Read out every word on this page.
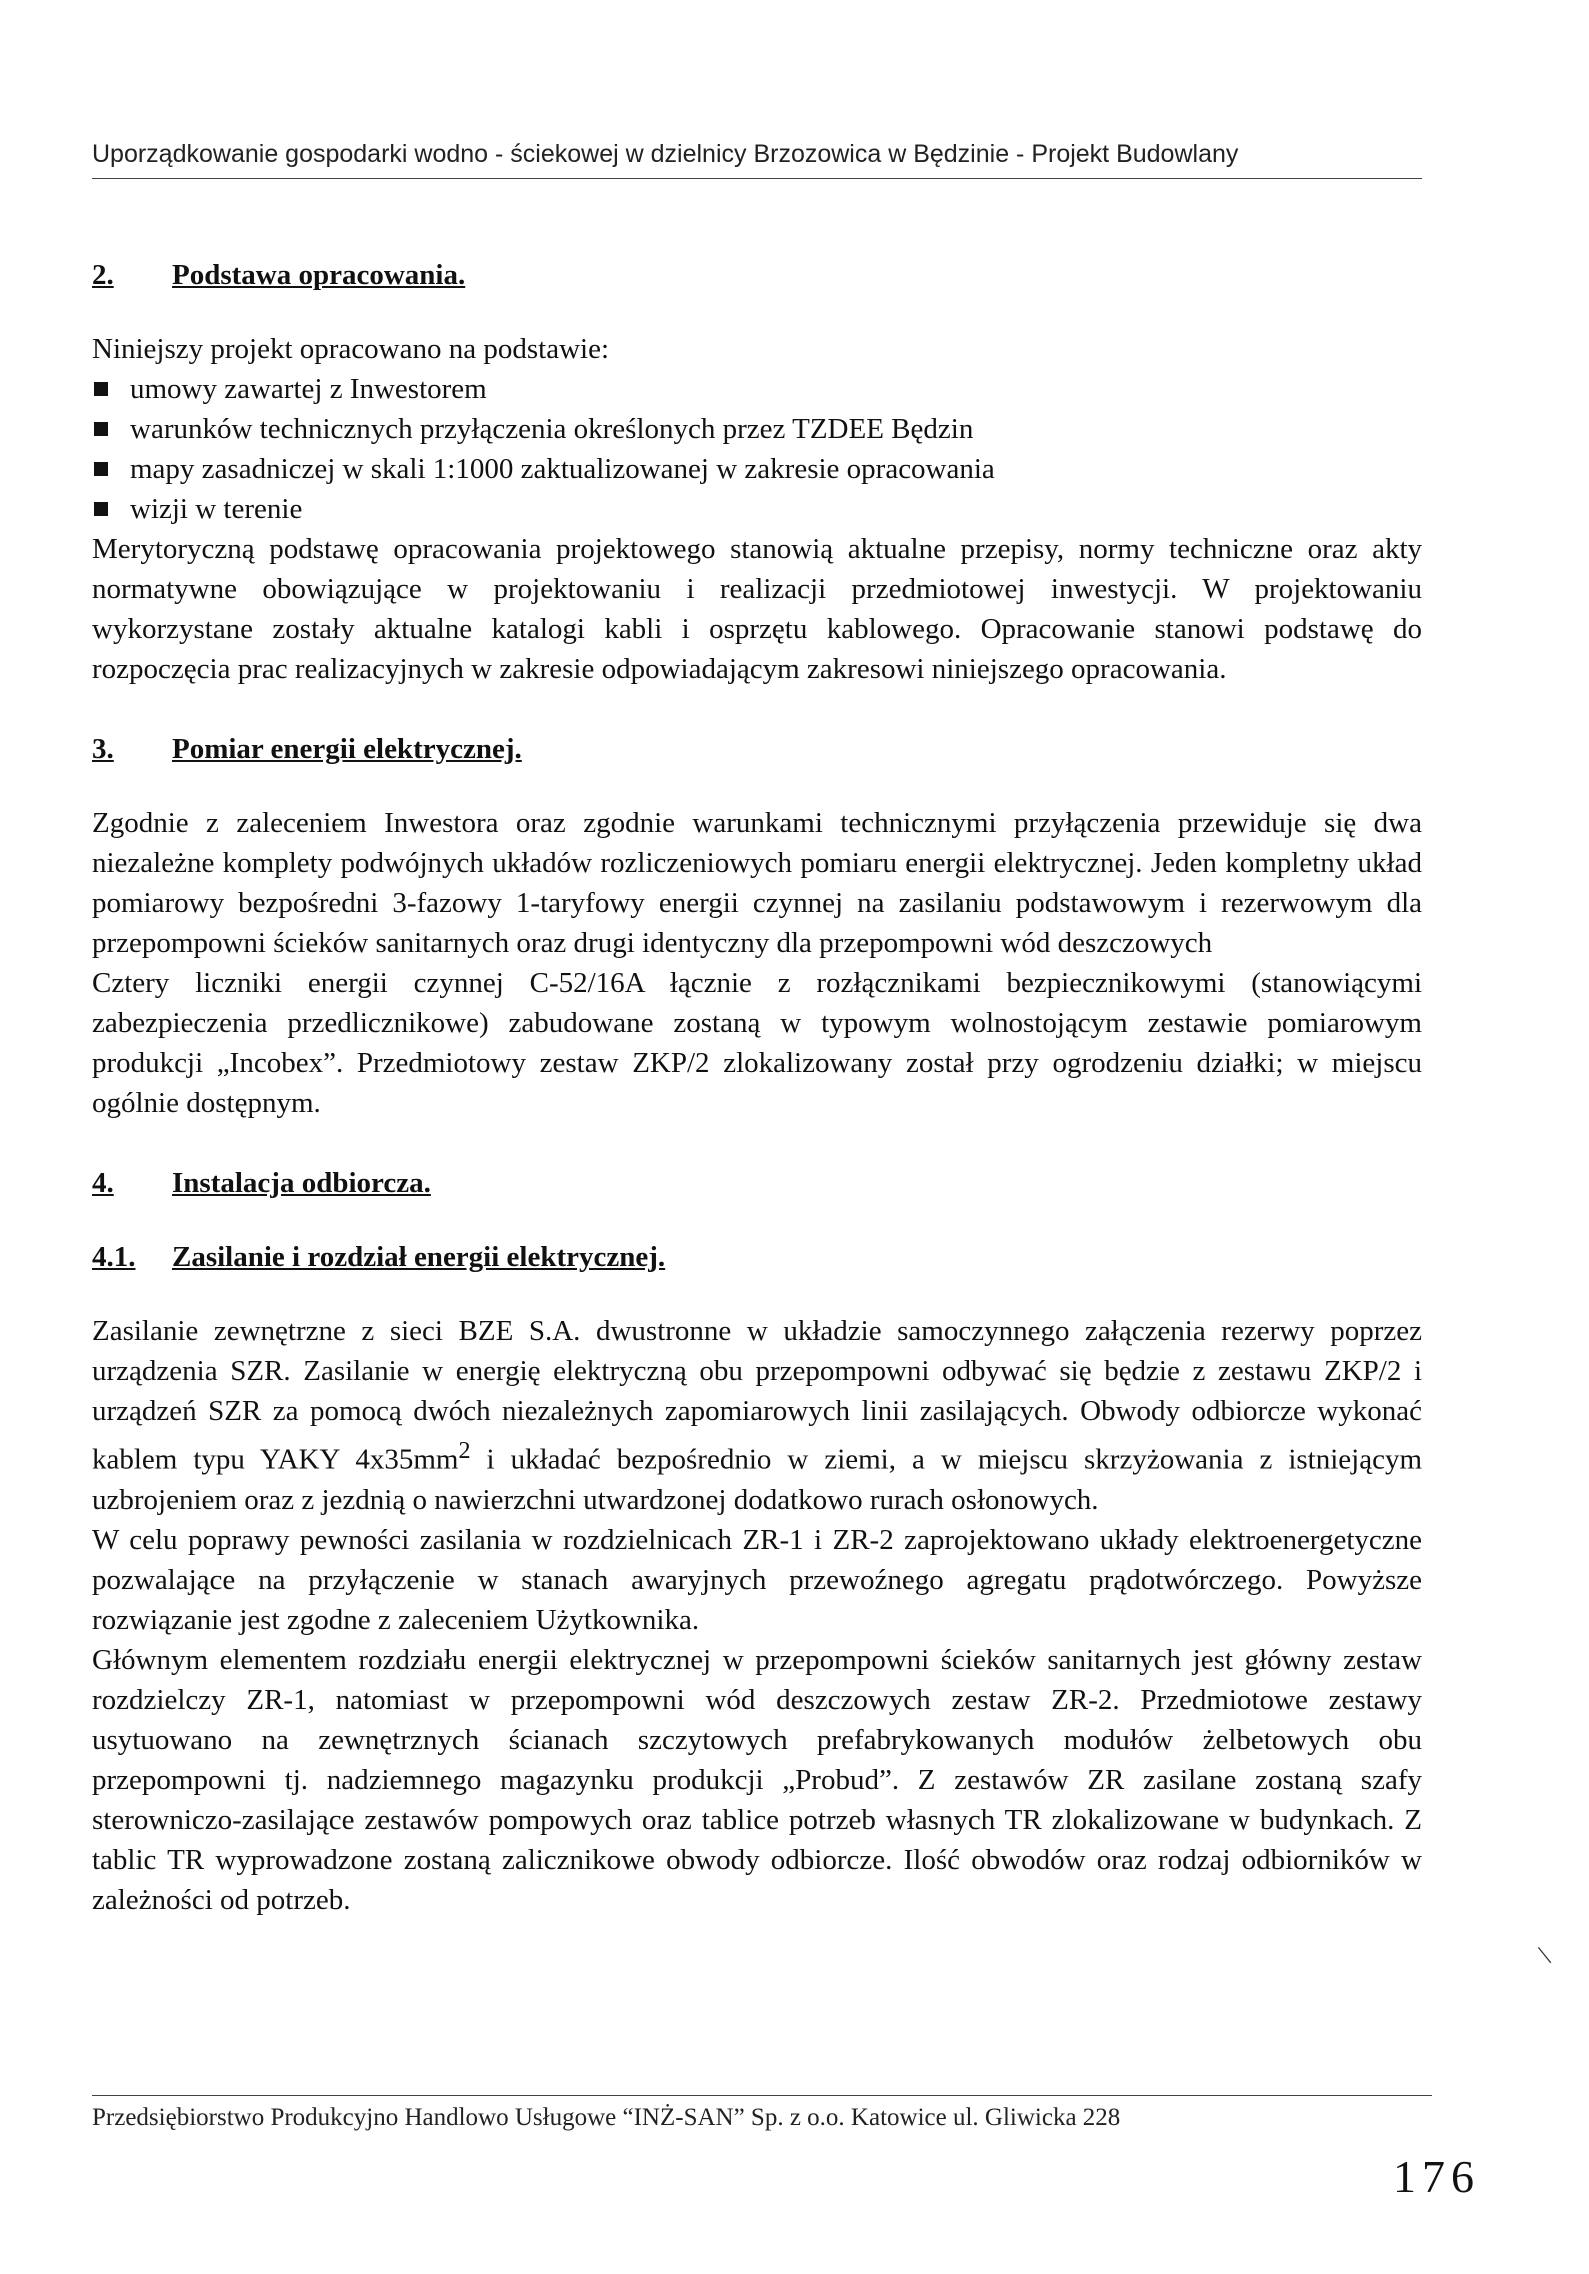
Uporządkowanie gospodarki wodno - ściekowej w dzielnicy Brzozowica w Będzinie - Projekt Budowlany
2. Podstawa opracowania.

Niniejszy projekt opracowano na podstawie:

umowy zawartej z Inwestorem
warunków technicznych przyłączenia określonych przez TZDEE Będzin
mapy zasadniczej w skali 1:1000 zaktualizowanej w zakresie opracowania
wizji w terenie

Merytoryczną podstawę opracowania projektowego stanowią aktualne przepisy, normy techniczne oraz akty normatywne obowiązujące w projektowaniu i realizacji przedmiotowej inwestycji. W projektowaniu wykorzystane zostały aktualne katalogi kabli i osprzętu kablowego. Opracowanie stanowi podstawę do rozpoczęcia prac realizacyjnych w zakresie odpowiadającym zakresowi niniejszego opracowania.

3. Pomiar energii elektrycznej.

Zgodnie z zaleceniem Inwestora oraz zgodnie warunkami technicznymi przyłączenia przewiduje się dwa niezależne komplety podwójnych układów rozliczeniowych pomiaru energii elektrycznej. Jeden kompletny układ pomiarowy bezpośredni 3-fazowy 1-taryfowy energii czynnej na zasilaniu podstawowym i rezerwowym dla przepompowni ścieków sanitarnych oraz drugi identyczny dla przepompowni wód deszczowych

Cztery liczniki energii czynnej C-52/16A łącznie z rozłącznikami bezpiecznikowymi (stanowiącymi zabezpieczenia przedlicznikowe) zabudowane zostaną w typowym wolnostojącym zestawie pomiarowym produkcji „Incobex”. Przedmiotowy zestaw ZKP/2 zlokalizowany został przy ogrodzeniu działki; w miejscu ogólnie dostępnym.

4. Instalacja odbiorcza.
4.1. Zasilanie i rozdział energii elektrycznej.

Zasilanie zewnętrzne z sieci BZE S.A. dwustronne w układzie samoczynnego załączenia rezerwy poprzez urządzenia SZR. Zasilanie w energię elektryczną obu przepompowni odbywać się będzie z zestawu ZKP/2 i urządzeń SZR za pomocą dwóch niezależnych zapomiarowych linii zasilających. Obwody odbiorcze wykonać kablem typu YAKY $4x35mm^2$ i układać bezpośrednio w ziemi, a w miejscu skrzyżowania z istniejącym uzbrojeniem oraz z jezdnią o nawierzchni utwardzonej dodatkowo rurach osłonowych.

W celu poprawy pewności zasilania w rozdzielnicach ZR-1 i ZR-2 zaprojektowano układy elektroenergetyczne pozwalające na przyłączenie w stanach awaryjnych przewoźnego agregatu prądotwórczego. Powyższe rozwiązanie jest zgodne z zaleceniem Użytkownika.

Głównym elementem rozdziału energii elektrycznej w przepompowni ścieków sanitarnych jest główny zestaw rozdzielczy ZR-1, natomiast w przepompowni wód deszczowych zestaw ZR-2. Przedmiotowe zestawy usytuowano na zewnętrznych ścianach szczytowych prefabrykowanych modułów żelbetowych obu przepompowni tj. nadziemnego magazynku produkcji „Probud”. Z zestawów ZR zasilane zostaną szafy sterowniczo-zasilające zestawów pompowych oraz tablice potrzeb własnych TR zlokalizowane w budynkach. Z tablic TR wyprowadzone zostaną zalicznikowe obwody odbiorcze. Ilość obwodów oraz rodzaj odbiorników w zależności od potrzeb.

\
Przedsiębiorstwo Produkcyjno Handlowo Usługowe “INŻ-SAN” Sp. z o.o. Katowice ul. Gliwicka 228
176
